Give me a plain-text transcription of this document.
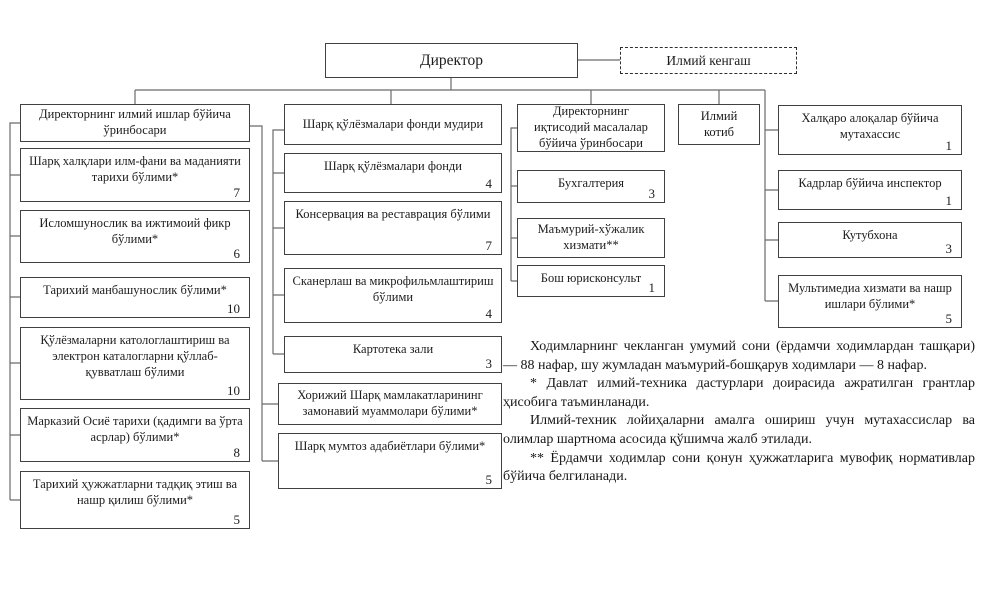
Директор	Илмий кенгаш
Директорнинг илмий ишлар бўйича ўринбосари
Шарқ халқлари илм-фани ва маданияти тарихи бўлими*
7
Исломшунослик ва ижтимоий фикр бўлими*
6
Тарихий манбашунослик бўлими*
10
Қўлёзмаларни катологлаштириш ва электрон каталогларни қўллаб-қувватлаш бўлими
10
Марказий Осиё тарихи (қадимги ва ўрта асрлар) бўлими*
8
Тарихий ҳужжатларни тадқиқ этиш ва нашр қилиш бўлими*
5
Шарқ қўлёзмалари фонди мудири
Шарқ қўлёзмалари фонди
4
Консервация ва реставрация бўлими
7
Сканерлаш ва микрофильмлаштириш бўлими
4
Картотека зали
3
Хорижий Шарқ мамлакатларининг замонавий муаммолари бўлими*
Шарқ мумтоз адабиётлари бўлими*
5
Директорнинг иқтисодий масалалар бўйича ўринбосари
Бухгалтерия
3
Маъмурий-хўжалик хизмати**
Бош юрисконсульт
1
Илмий котиб
Халқаро алоқалар бўйича мутахассис
1
Кадрлар бўйича инспектор
1
Кутубхона
3
Мультимедиа хизмати ва нашр ишлари бўлими*
5

Ходимларнинг чекланган умумий сони (ёрдамчи ходимлардан ташқари) — 88 нафар, шу жумладан маъмурий-бошқарув ходимлари — 8 нафар.

* Давлат илмий-техника дастурлари доирасида ажратилган грантлар ҳисобига таъминланади.

Илмий-техник лойиҳаларни амалга ошириш учун мутахассислар ва олимлар шартнома асосида қўшимча жалб этилади.

** Ёрдамчи ходимлар сони қонун ҳужжатларига мувофиқ нормативлар бўйича белгиланади.
